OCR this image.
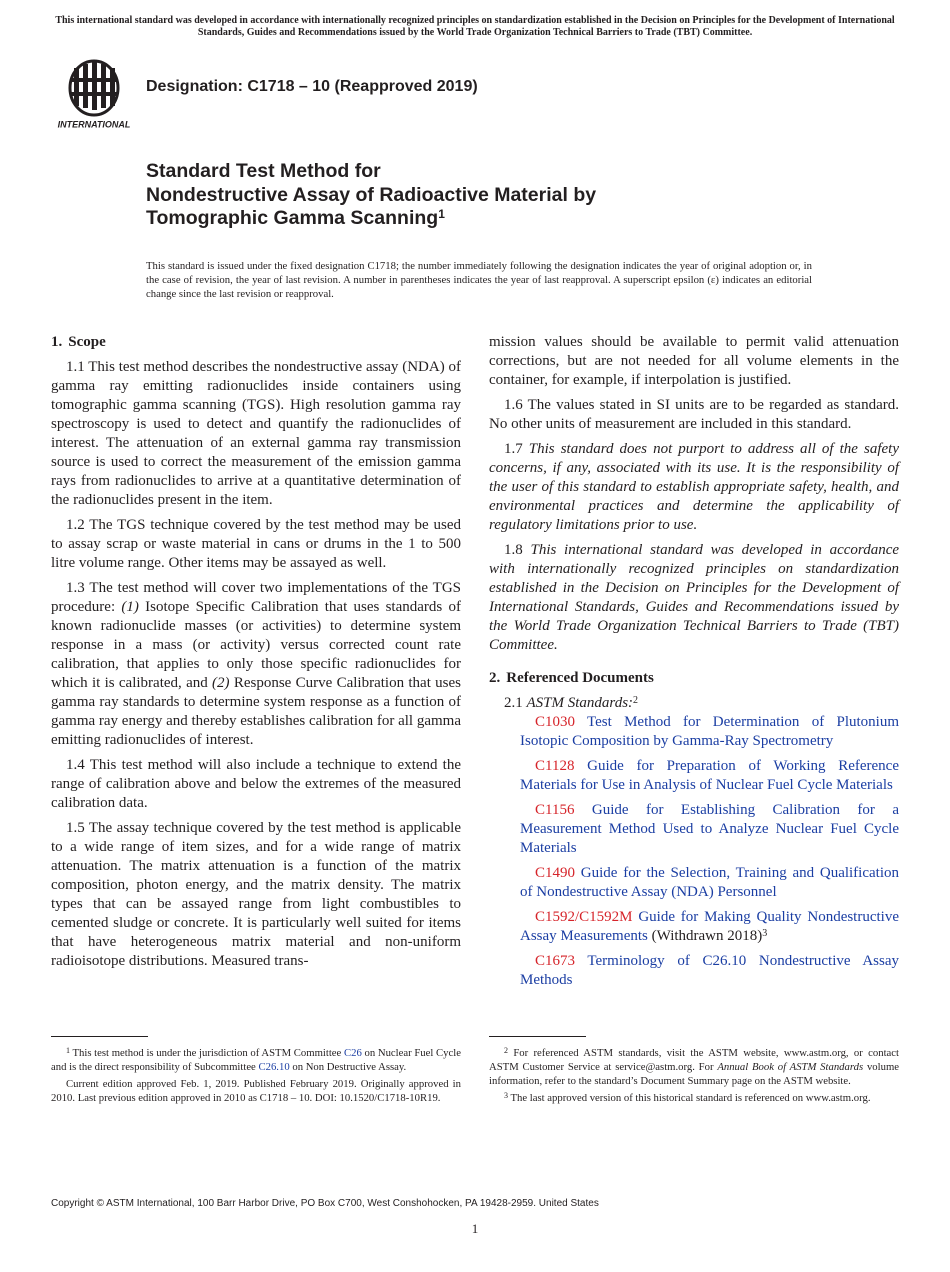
This international standard was developed in accordance with internationally recognized principles on standardization established in the Decision on Principles for the Development of International Standards, Guides and Recommendations issued by the World Trade Organization Technical Barriers to Trade (TBT) Committee.
INTERNATIONAL
Designation: C1718 – 10 (Reapproved 2019)
Standard Test Method for
Nondestructive Assay of Radioactive Material by
Tomographic Gamma Scanning$^1$
This standard is issued under the fixed designation C1718; the number immediately following the designation indicates the year of original adoption or, in the case of revision, the year of last revision. A number in parentheses indicates the year of last reapproval. A superscript epsilon (ε) indicates an editorial change since the last revision or reapproval.
1. Scope

1.1 This test method describes the nondestructive assay (NDA) of gamma ray emitting radionuclides inside containers using tomographic gamma scanning (TGS). High resolution gamma ray spectroscopy is used to detect and quantify the radionuclides of interest. The attenuation of an external gamma ray transmission source is used to correct the measurement of the emission gamma rays from radionuclides to arrive at a quantitative determination of the radionuclides present in the item.

1.2 The TGS technique covered by the test method may be used to assay scrap or waste material in cans or drums in the 1 to 500 litre volume range. Other items may be assayed as well.

1.3 The test method will cover two implementations of the TGS procedure: (1) Isotope Specific Calibration that uses standards of known radionuclide masses (or activities) to determine system response in a mass (or activity) versus corrected count rate calibration, that applies to only those specific radionuclides for which it is calibrated, and (2) Response Curve Calibration that uses gamma ray standards to determine system response as a function of gamma ray energy and thereby establishes calibration for all gamma emitting radionuclides of interest.

1.4 This test method will also include a technique to extend the range of calibration above and below the extremes of the measured calibration data.

1.5 The assay technique covered by the test method is applicable to a wide range of item sizes, and for a wide range of matrix attenuation. The matrix attenuation is a function of the matrix composition, photon energy, and the matrix density. The matrix types that can be assayed range from light combustibles to cemented sludge or concrete. It is particularly well suited for items that have heterogeneous matrix material and non-uniform radioisotope distributions. Measured trans-

mission values should be available to permit valid attenuation corrections, but are not needed for all volume elements in the container, for example, if interpolation is justified.

1.6 The values stated in SI units are to be regarded as standard. No other units of measurement are included in this standard.

1.7 This standard does not purport to address all of the safety concerns, if any, associated with its use. It is the responsibility of the user of this standard to establish appropriate safety, health, and environmental practices and determine the applicability of regulatory limitations prior to use.

1.8 This international standard was developed in accordance with internationally recognized principles on standardization established in the Decision on Principles for the Development of International Standards, Guides and Recommendations issued by the World Trade Organization Technical Barriers to Trade (TBT) Committee.

2. Referenced Documents
2.1 ASTM Standards:$^2$

C1030 Test Method for Determination of Plutonium Isotopic Composition by Gamma-Ray Spectrometry

C1128 Guide for Preparation of Working Reference Materials for Use in Analysis of Nuclear Fuel Cycle Materials

C1156 Guide for Establishing Calibration for a Measurement Method Used to Analyze Nuclear Fuel Cycle Materials

C1490 Guide for the Selection, Training and Qualification of Nondestructive Assay (NDA) Personnel

C1592/C1592M Guide for Making Quality Nondestructive Assay Measurements (Withdrawn 2018)$^3$

C1673 Terminology of C26.10 Nondestructive Assay Methods

$^1$ This test method is under the jurisdiction of ASTM Committee C26 on Nuclear Fuel Cycle and is the direct responsibility of Subcommittee C26.10 on Non Destructive Assay.

Current edition approved Feb. 1, 2019. Published February 2019. Originally approved in 2010. Last previous edition approved in 2010 as C1718 – 10. DOI: 10.1520/C1718-10R19.

$^2$ For referenced ASTM standards, visit the ASTM website, www.astm.org, or contact ASTM Customer Service at service@astm.org. For Annual Book of ASTM Standards volume information, refer to the standard’s Document Summary page on the ASTM website.

$^3$ The last approved version of this historical standard is referenced on www.astm.org.

Copyright © ASTM International, 100 Barr Harbor Drive, PO Box C700, West Conshohocken, PA 19428-2959. United States
1
